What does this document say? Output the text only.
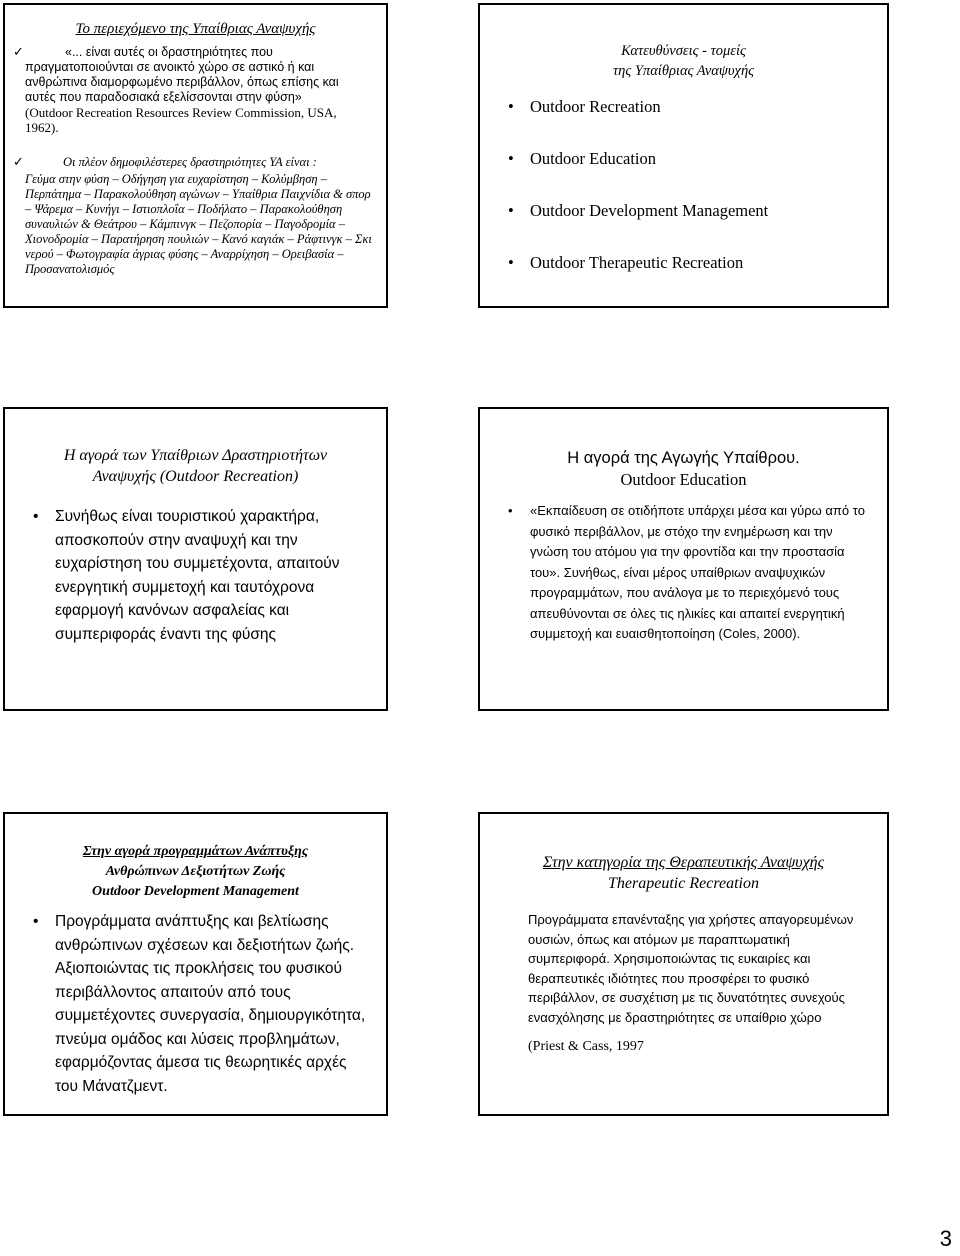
Το περιεχόμενο της Υπαίθριας Αναψυχής
✓	«... είναι αυτές οι δραστηριότητες που πραγματοποιούνται σε ανοικτό χώρο σε αστικό ή και ανθρώπινα διαμορφωμένο περιβάλλον, όπως επίσης και αυτές που παραδοσιακά εξελίσσονται στην φύση»
(Outdoor Recreation Resources Review Commission, USA, 1962).
✓	Οι πλέον δημοφιλέστερες δραστηριότητες ΥΑ είναι :
Γεύμα στην φύση – Οδήγηση για ευχαρίστηση – Κολύμβηση – Περπάτημα – Παρακολούθηση αγώνων – Υπαίθρια Παιχνίδια & σπορ – Ψάρεμα – Κυνήγι – Ιστιοπλοΐα – Ποδήλατο – Παρακολούθηση συναυλιών & Θεάτρου – Κάμπινγκ – Πεζοπορία – Παγοδρομία – Χιονοδρομία – Παρατήρηση πουλιών – Κανό καγιάκ – Ράφτινγκ – Σκι νερού – Φωτογραφία άγριας φύσης – Αναρρίχηση – Ορειβασία – Προσανατολισμός
Κατευθύνσεις - τομείς
της Υπαίθριας Αναψυχής
• Outdoor Recreation
• Outdoor Education
• Outdoor Development Management
• Outdoor Therapeutic Recreation
Η αγορά των Υπαίθριων Δραστηριοτήτων
Αναψυχής (Outdoor Recreation)
• Συνήθως είναι τουριστικού χαρακτήρα, αποσκοπούν στην αναψυχή και την ευχαρίστηση του συμμετέχοντα, απαιτούν ενεργητική συμμετοχή και ταυτόχρονα εφαρμογή κανόνων ασφαλείας και συμπεριφοράς έναντι της φύσης
Η αγορά της Αγωγής Υπαίθρου.
Outdoor Education
• «Εκπαίδευση σε οτιδήποτε υπάρχει μέσα και γύρω από το φυσικό περιβάλλον, με στόχο την ενημέρωση και την γνώση του ατόμου για την φροντίδα και την προστασία του». Συνήθως, είναι μέρος υπαίθριων αναψυχικών προγραμμάτων, που ανάλογα με το περιεχόμενό τους απευθύνονται σε όλες τις ηλικίες και απαιτεί ενεργητική συμμετοχή και ευαισθητοποίηση (Coles, 2000).
Στην αγορά προγραμμάτων Ανάπτυξης
Ανθρώπινων Δεξιοτήτων Ζωής
Outdoor Development Management
• Προγράμματα ανάπτυξης και βελτίωσης ανθρώπινων σχέσεων και δεξιοτήτων ζωής. Αξιοποιώντας τις προκλήσεις του φυσικού περιβάλλοντος απαιτούν από τους συμμετέχοντες συνεργασία, δημιουργικότητα, πνεύμα ομάδος και λύσεις προβλημάτων, εφαρμόζοντας άμεσα τις θεωρητικές αρχές του Μάνατζμεντ.
Στην κατηγορία της Θεραπευτικής Αναψυχής
Therapeutic Recreation
Προγράμματα επανένταξης για χρήστες απαγορευμένων ουσιών, όπως και ατόμων με παραπτωματική συμπεριφορά. Χρησιμοποιώντας τις ευκαιρίες και θεραπευτικές ιδιότητες που προσφέρει το φυσικό περιβάλλον, σε συσχέτιση με τις δυνατότητες συνεχούς ενασχόλησης με δραστηριότητες σε υπαίθριο χώρο
(Priest & Cass, 1997
3
